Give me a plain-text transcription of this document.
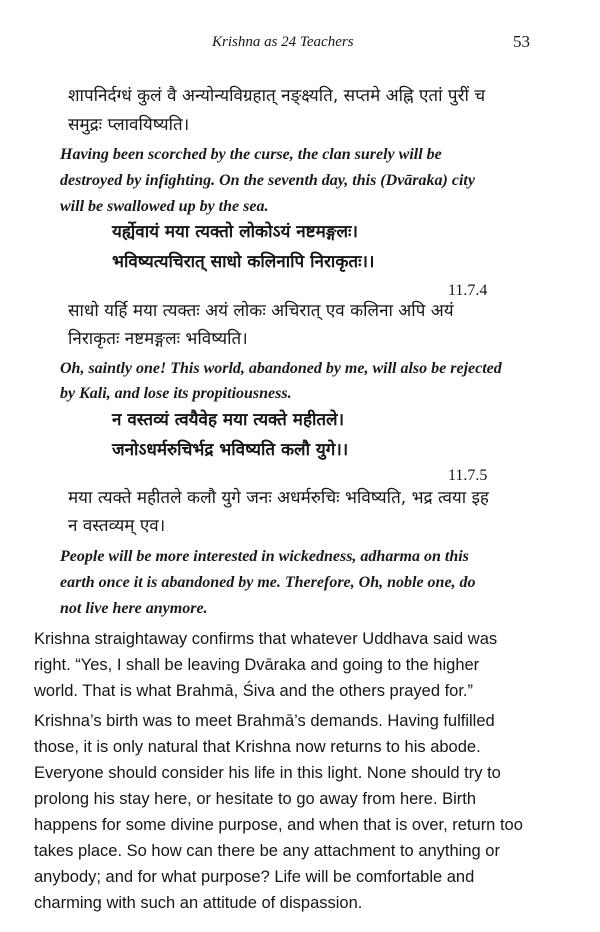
Krishna as 24 Teachers	53
शापनिर्दग्धं कुलं वै अन्योन्यविग्रहात् नङ्क्ष्यति, सप्तमे अह्नि एतां पुरीं च
समुद्रः प्लावयिष्यति।
Having been scorched by the curse, the clan surely will be
destroyed by infighting. On the seventh day, this (Dvāraka) city
will be swallowed up by the sea.
यर्ह्येवायं मया त्यक्तो लोकोऽयं नष्टमङ्गलः।
भविष्यत्यचिरात् साधो कलिनापि निराकृतः।।
11.7.4
साधो यर्हि मया त्यक्तः अयं लोकः अचिरात् एव कलिना अपि अयं
निराकृतः नष्टमङ्गलः भविष्यति।
Oh, saintly one! This world, abandoned by me, will also be rejected
by Kali, and lose its propitiousness.
न वस्तव्यं त्वयैवेह मया त्यक्ते महीतले।
जनोऽधर्मरुचिर्भद्र भविष्यति कलौ युगे।।
11.7.5
मया त्यक्ते महीतले कलौ युगे जनः अधर्मरुचिः भविष्यति, भद्र त्वया इह
न वस्तव्यम् एव।
People will be more interested in wickedness, adharma on this
earth once it is abandoned by me. Therefore, Oh, noble one, do
not live here anymore.

Krishna straightaway confirms that whatever Uddhava said was
right. “Yes, I shall be leaving Dvāraka and going to the higher
world. That is what Brahmā, Śiva and the others prayed for.”

Krishna’s birth was to meet Brahmā’s demands. Having fulfilled
those, it is only natural that Krishna now returns to his abode.
Everyone should consider his life in this light. None should try to
prolong his stay here, or hesitate to go away from here. Birth
happens for some divine purpose, and when that is over, return too
takes place. So how can there be any attachment to anything or
anybody; and for what purpose? Life will be comfortable and
charming with such an attitude of dispassion.
